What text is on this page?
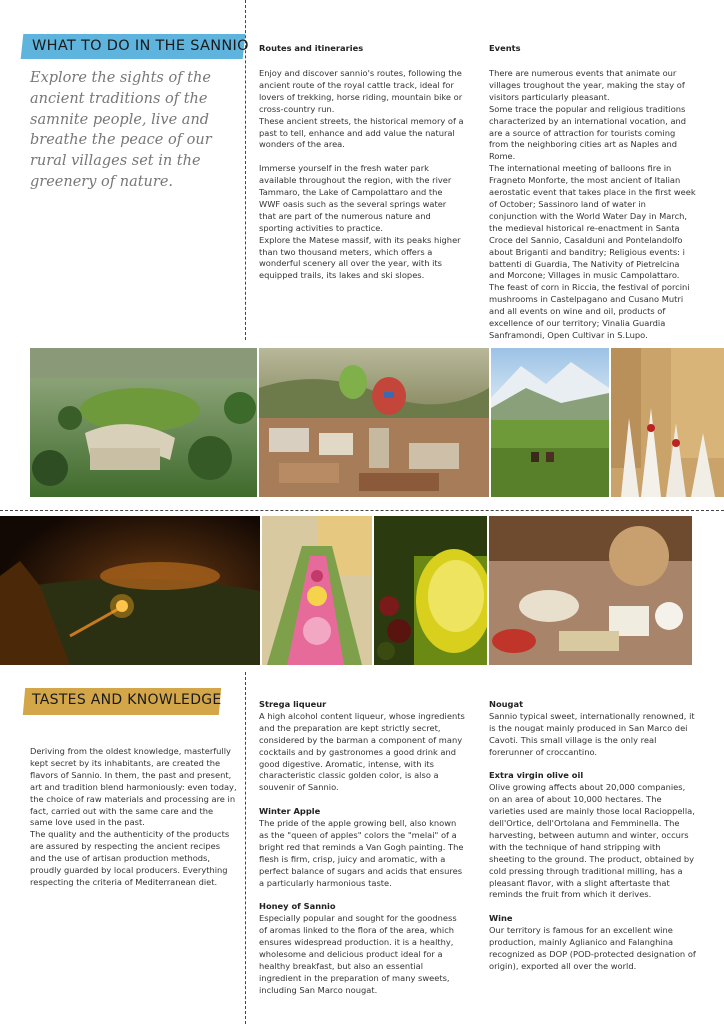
WHAT TO DO IN THE SANNIO
Explore the sights of the ancient traditions of the samnite people, live and breathe the peace of our rural villages set in the greenery of nature.
Routes and itineraries

Enjoy and discover sannio's routes, following the ancient route of the royal cattle track, ideal for lovers of trekking, horse riding, mountain bike or cross-country run.

These ancient streets, the historical memory of a past to tell, enhance and add value the natural wonders of the area.

Immerse yourself in the fresh water park available throughout the region, with the river Tammaro, the Lake of Campolattaro and the WWF oasis such as the several springs water that are part of the numerous nature and sporting activities to practice.

Explore the Matese massif, with its peaks higher than two thousand meters, which offers a wonderful scenery all over the year, with its equipped trails, its lakes and ski slopes.

Events

There are numerous events that animate our villages troughout the year, making the stay of visitors particularly pleasant.

Some trace the popular and religious traditions characterized by an international vocation, and are a source of attraction for tourists coming from the neighboring cities art as Naples and Rome.

The international meeting of balloons fire in Fragneto Monforte, the most ancient of Italian aerostatic event that takes place in the first week of October; Sassinoro land of water in conjunction with the World Water Day in March, the medieval historical re-enactment in Santa Croce del Sannio, Casalduni and Pontelandolfo about Briganti and banditry; Religious events: i battenti di Guardia, The Nativity of Pietrelcina and Morcone; Villages in music Campolattaro. The feast of corn in Riccia, the festival of porcini mushrooms in Castelpagano and Cusano Mutri and all events on wine and oil, products of excellence of our territory; Vinalia Guardia Sanframondi, Open Cultivar in S.Lupo.

TASTES AND KNOWLEDGE

Deriving from the oldest knowledge, masterfully kept secret by its inhabitants, are created the flavors of Sannio. In them, the past and present, art and tradition blend harmoniously: even today, the choice of raw materials and processing are in fact, carried out with the same care and the same love used in the past.

The quality and the authenticity of the products are assured by respecting the ancient recipes and the use of artisan production methods, proudly guarded by local producers. Everything respecting the criteria of Mediterranean diet.

Strega liqueur

A high alcohol content liqueur, whose ingredients and the preparation are kept strictly secret, considered by the barman a component of many cocktails and by gastronomes a good drink and good digestive. Aromatic, intense, with its characteristic classic golden color, is also a souvenir of Sannio.

Winter Apple

The pride of the apple growing bell, also known as the "queen of apples" colors the "melai" of a bright red that reminds a Van Gogh painting. The flesh is firm, crisp, juicy and aromatic, with a perfect balance of sugars and acids that ensures a particularly harmonious taste.

Honey of Sannio

Especially popular and sought for the goodness of aromas linked to the flora of the area, which ensures widespread production. it is a healthy, wholesome and delicious product ideal for a healthy breakfast, but also an essential ingredient in the preparation of many sweets, including San Marco nougat.

Nougat

Sannio typical sweet, internationally renowned, it is the nougat mainly produced in San Marco dei Cavoti. This small village is the only real forerunner of croccantino.

Extra virgin olive oil

Olive growing affects about 20,000 companies, on an area of about 10,000 hectares. The varieties used are mainly those local Racioppella, dell'Ortice, dell'Ortolana and Femminella. The harvesting, between autumn and winter, occurs with the technique of hand stripping with sheeting to the ground. The product, obtained by cold pressing through traditional milling, has a pleasant flavor, with a slight aftertaste that reminds the fruit from which it derives.

Wine

Our territory is famous for an excellent wine production, mainly Aglianico and Falanghina recognized as DOP (POD-protected designation of origin), exported all over the world.
